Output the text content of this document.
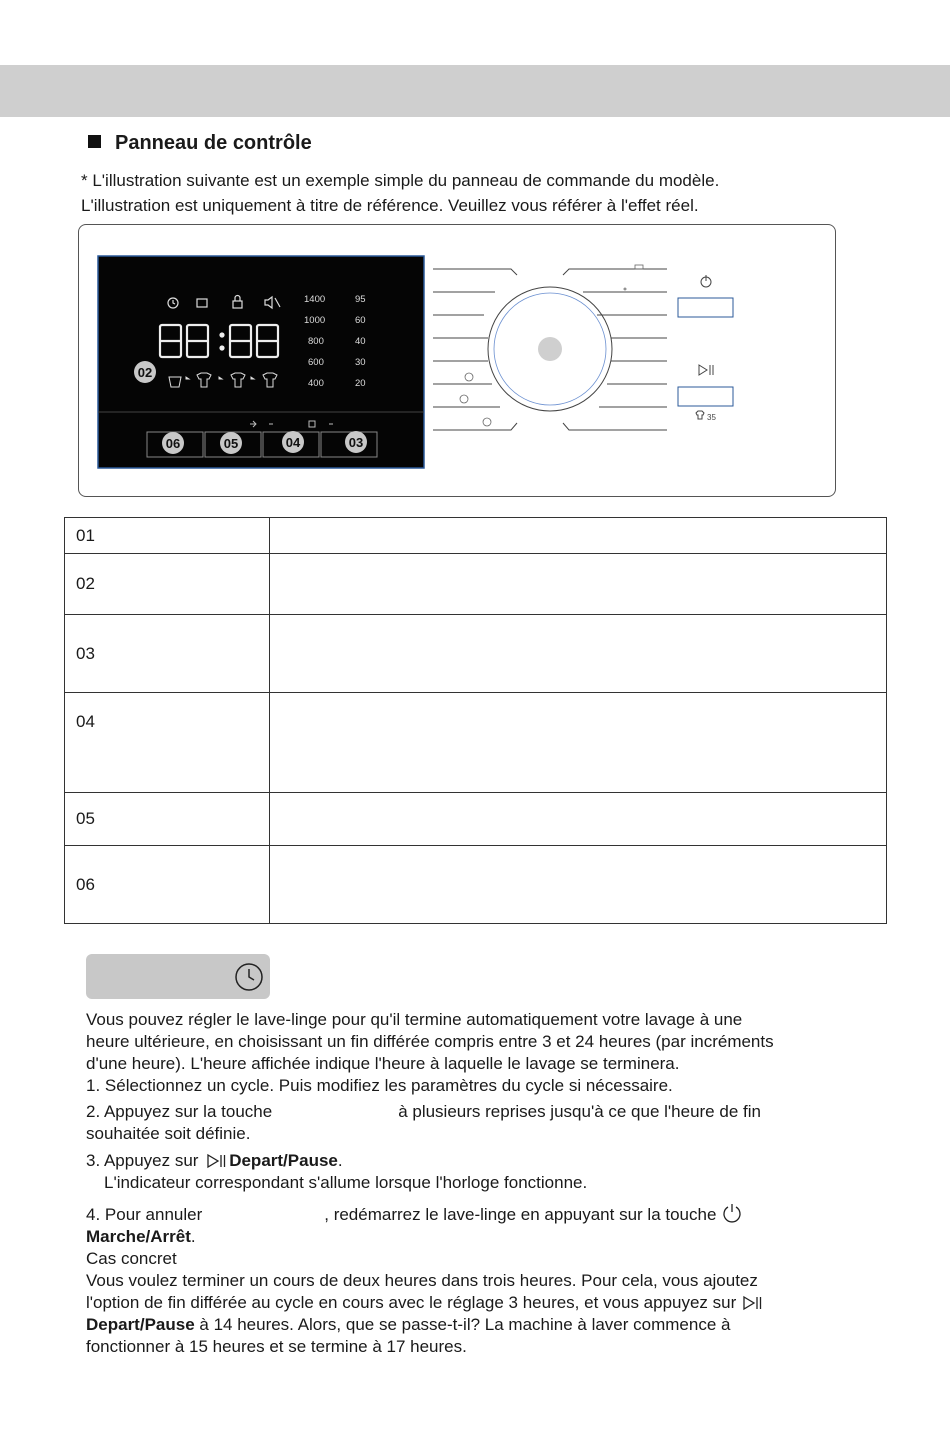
Panneau de contrôle
* L'illustration suivante est un exemple simple du panneau de commande du modèle.
L'illustration est uniquement à titre de référence. Veuillez vous référer à l'effet réel.
1400
1000
800
600
400
95
60
40
30
20
02
06	05	04	03
35
01	
02	
03	
04	
05	
06	
Vous pouvez régler le lave-linge pour qu'il termine automatiquement votre lavage à une
heure ultérieure, en choisissant un fin différée compris entre 3 et 24 heures (par incréments
d'une heure). L'heure affichée indique l'heure à laquelle le lavage se terminera.
1. Sélectionnez un cycle. Puis modifiez les paramètres du cycle si nécessaire.
2. Appuyez sur la touche	à plusieurs reprises jusqu'à ce que l'heure de fin
souhaitée soit définie.
3. Appuyez sur Depart/Pause.
L'indicateur correspondant s'allume lorsque l'horloge fonctionne.
4. Pour annuler	, redémarrez le lave-linge en appuyant sur la touche
Marche/Arrêt.
Cas concret
Vous voulez terminer un cours de deux heures dans trois heures. Pour cela, vous ajoutez
l'option de fin différée au cycle en cours avec le réglage 3 heures, et vous appuyez sur
Depart/Pause à 14 heures. Alors, que se passe-t-il? La machine à laver commence à
fonctionner à 15 heures et se termine à 17 heures.
